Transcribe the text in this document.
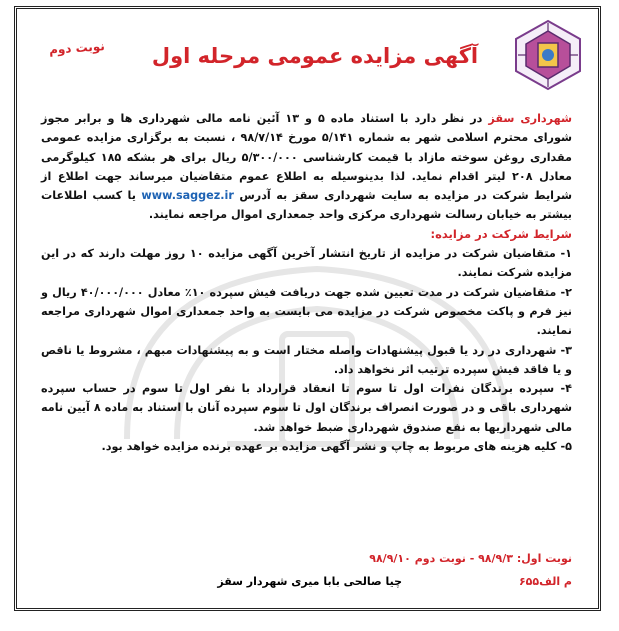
نوبت دوم	آگهی مزایده عمومی مرحله اول

شهرداری سقز در نظر دارد با استناد ماده ۵ و ۱۳ آئین نامه مالی شهرداری ها و برابر مجوز شورای محترم اسلامی شهر به شماره ۵/۱۴۱ مورخ ۹۸/۷/۱۴ ، نسبت به برگزاری مزایده عمومی مقداری روغن سوخته مازاد با قیمت کارشناسی ۵/۳۰۰/۰۰۰ ریال برای هر بشکه ۱۸۵ کیلوگرمی معادل ۲۰۸ لیتر اقدام نماید. لذا بدینوسیله به اطلاع عموم متقاضیان میرساند جهت اطلاع از شرایط شرکت در مزایده به سایت شهرداری سقز به آدرس www.saggez.ir یا کسب اطلاعات بیشتر به خیابان رسالت شهرداری مرکزی واحد جمعداری اموال مراجعه نمایند.

شرایط شرکت در مزایده:

۱- متقاضیان شرکت در مزایده از تاریخ انتشار آخرین آگهی مزایده ۱۰ روز مهلت دارند که در این مزایده شرکت نمایند.

۲- متقاضیان شرکت در مدت تعیین شده جهت دریافت فیش سپرده ۱۰٪ معادل ۴۰/۰۰۰/۰۰۰ ریال و نیز فرم و پاکت مخصوص شرکت در مزایده می بایست به واحد جمعداری اموال شهرداری مراجعه نمایند.

۳- شهرداری در رد یا قبول پیشنهادات واصله مختار است و به پیشنهادات مبهم ، مشروط یا ناقص و یا فاقد فیش سپرده ترتیب اثر نخواهد داد.

۴- سپرده برندگان نفرات اول تا سوم تا انعقاد قرارداد با نفر اول تا سوم در حساب سپرده شهرداری باقی و در صورت انصراف برندگان اول تا سوم سپرده آنان با استناد به ماده ۸ آیین نامه مالی شهرداریها به نفع صندوق شهرداری ضبط خواهد شد.

۵- کلیه هزینه های مربوط به چاپ و نشر آگهی مزایده بر عهده برنده مزایده خواهد بود.

نوبت اول: ۹۸/۹/۳ - نوبت دوم ۹۸/۹/۱۰
م الف۶۵۵
چیا صالحی بابا میری شهردار سقز
